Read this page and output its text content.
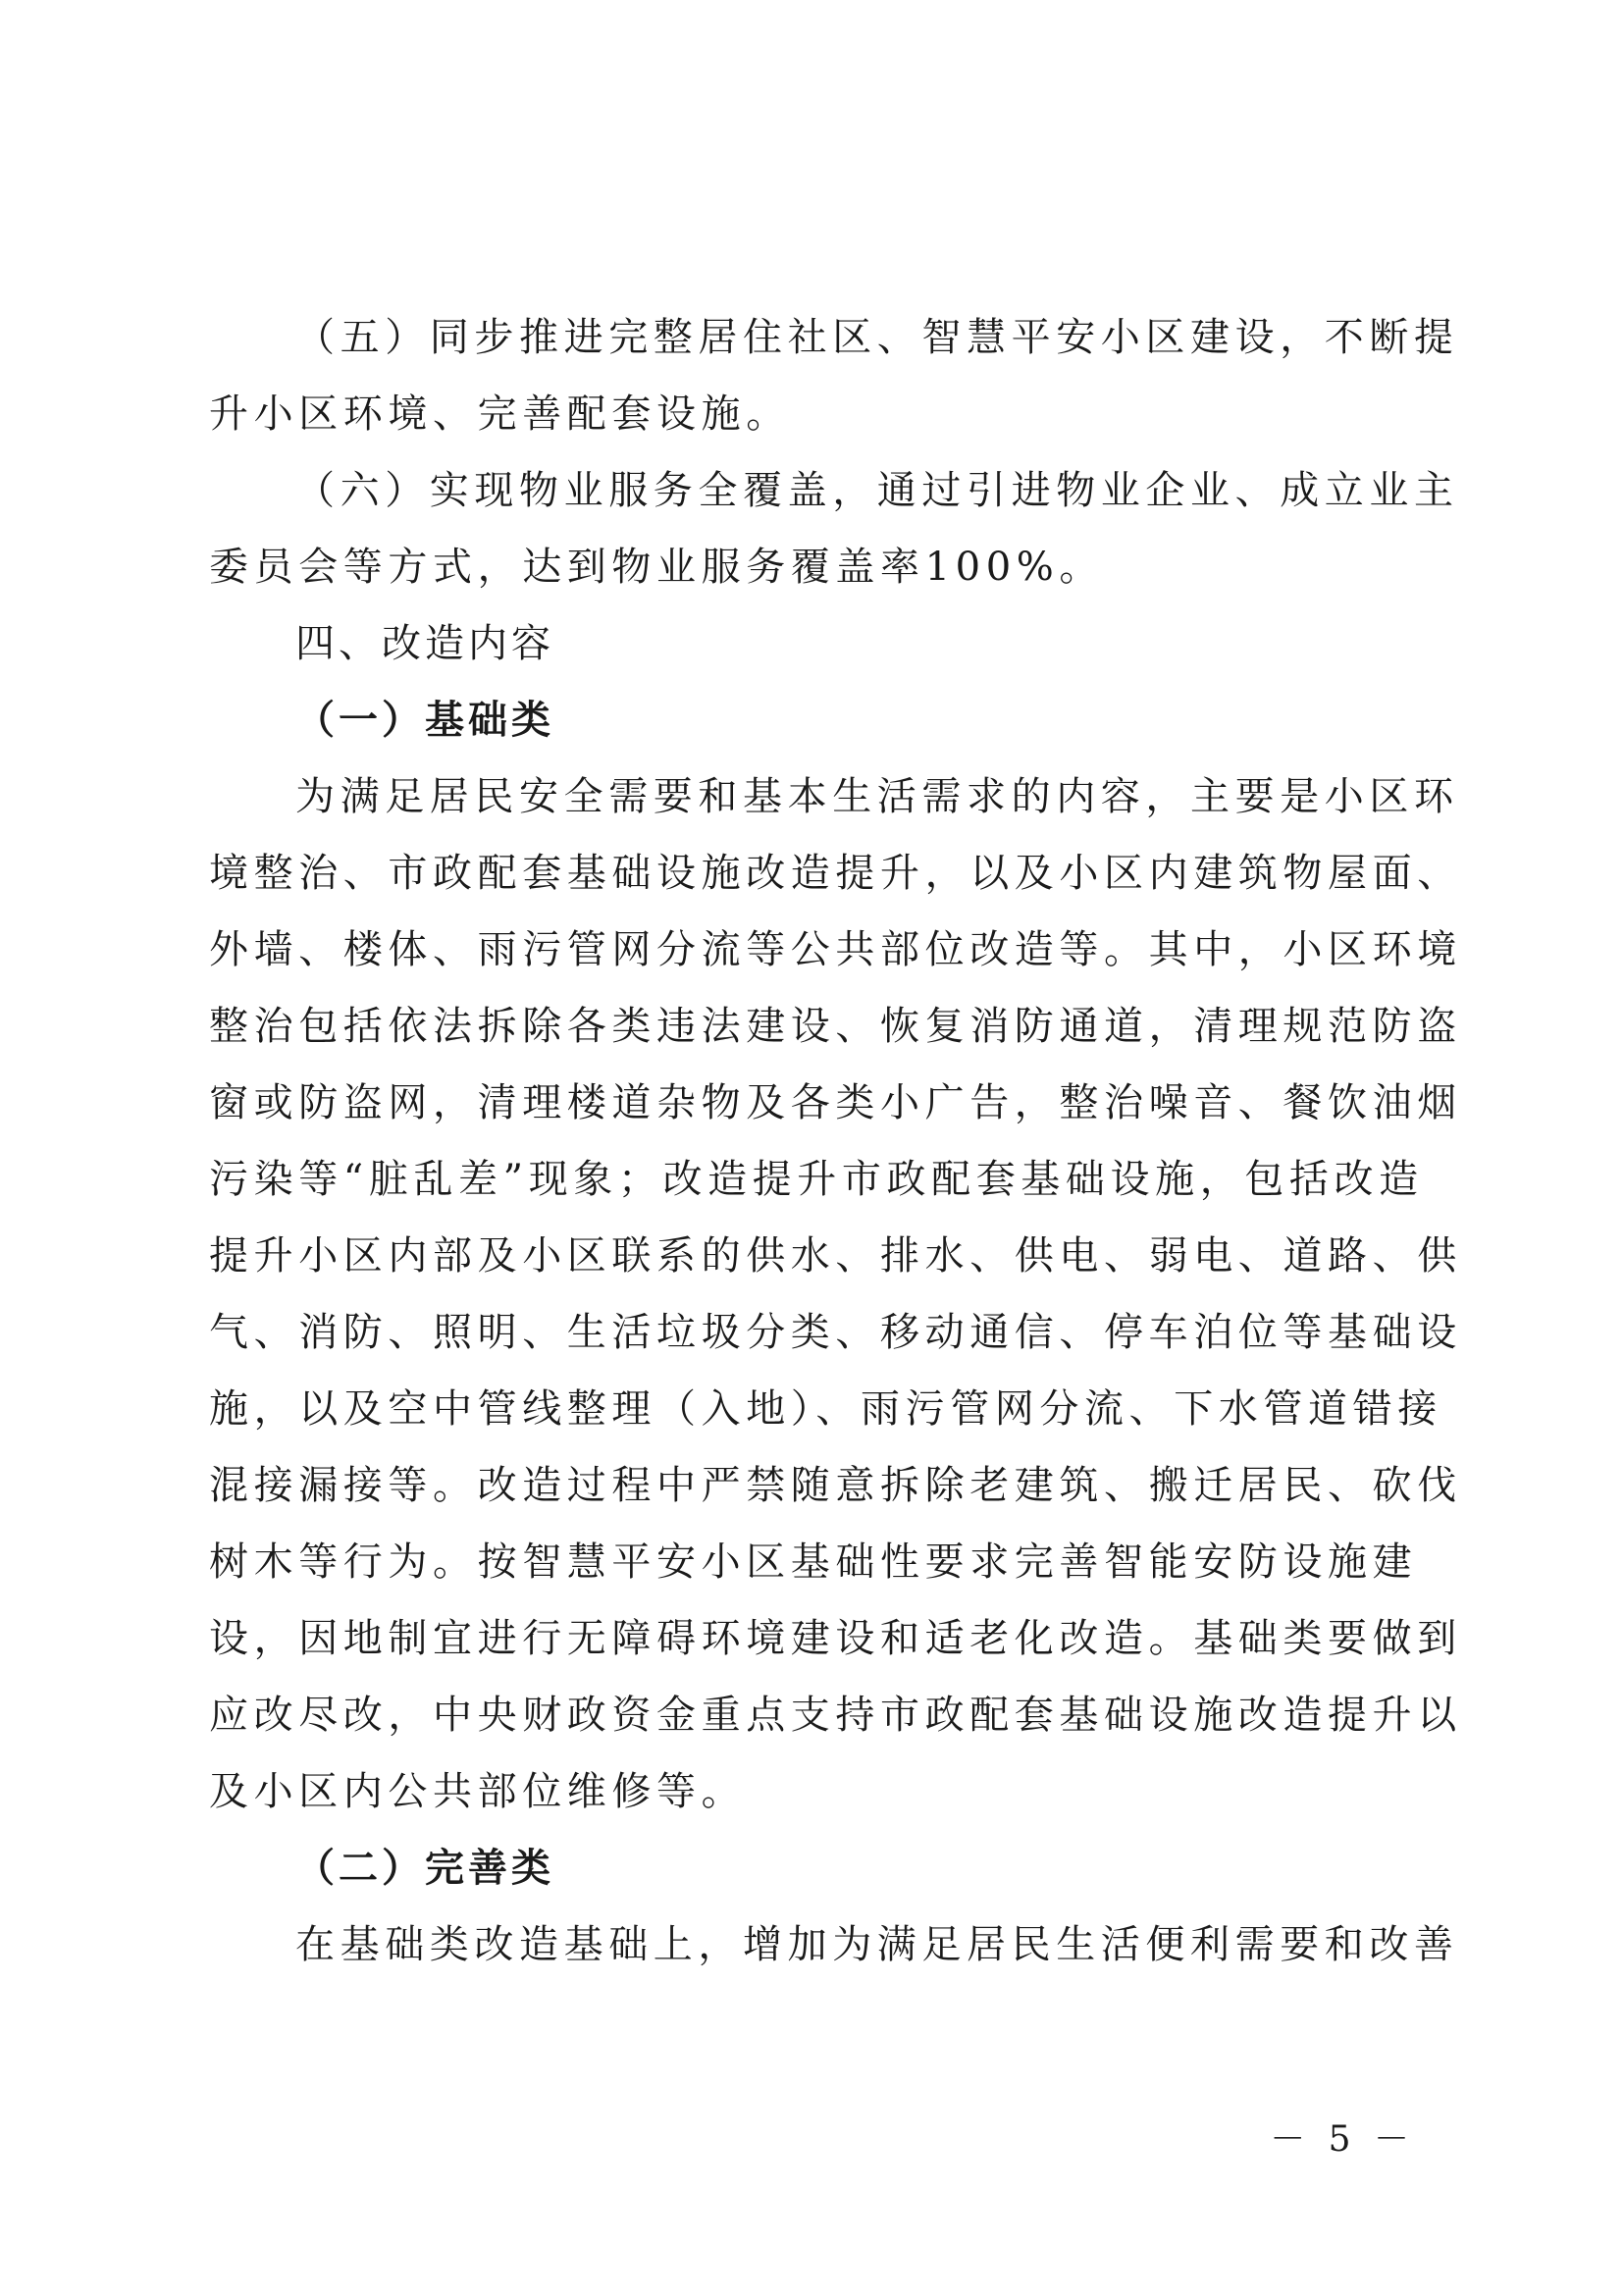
（五）同步推进完整居住社区、智慧平安小区建设，不断提
升小区环境、完善配套设施。
（六）实现物业服务全覆盖，通过引进物业企业、成立业主
委员会等方式，达到物业服务覆盖率100%。
四、改造内容
（一）基础类
为满足居民安全需要和基本生活需求的内容，主要是小区环
境整治、市政配套基础设施改造提升，以及小区内建筑物屋面、
外墙、楼体、雨污管网分流等公共部位改造等。其中，小区环境
整治包括依法拆除各类违法建设、恢复消防通道，清理规范防盗
窗或防盗网，清理楼道杂物及各类小广告，整治噪音、餐饮油烟
污染等“脏乱差”现象；改造提升市政配套基础设施，包括改造
提升小区内部及小区联系的供水、排水、供电、弱电、道路、供
气、消防、照明、生活垃圾分类、移动通信、停车泊位等基础设
施，以及空中管线整理（入地）、雨污管网分流、下水管道错接
混接漏接等。改造过程中严禁随意拆除老建筑、搬迁居民、砍伐
树木等行为。按智慧平安小区基础性要求完善智能安防设施建
设，因地制宜进行无障碍环境建设和适老化改造。基础类要做到
应改尽改，中央财政资金重点支持市政配套基础设施改造提升以
及小区内公共部位维修等。
（二）完善类
在基础类改造基础上，增加为满足居民生活便利需要和改善
－ 5 －
